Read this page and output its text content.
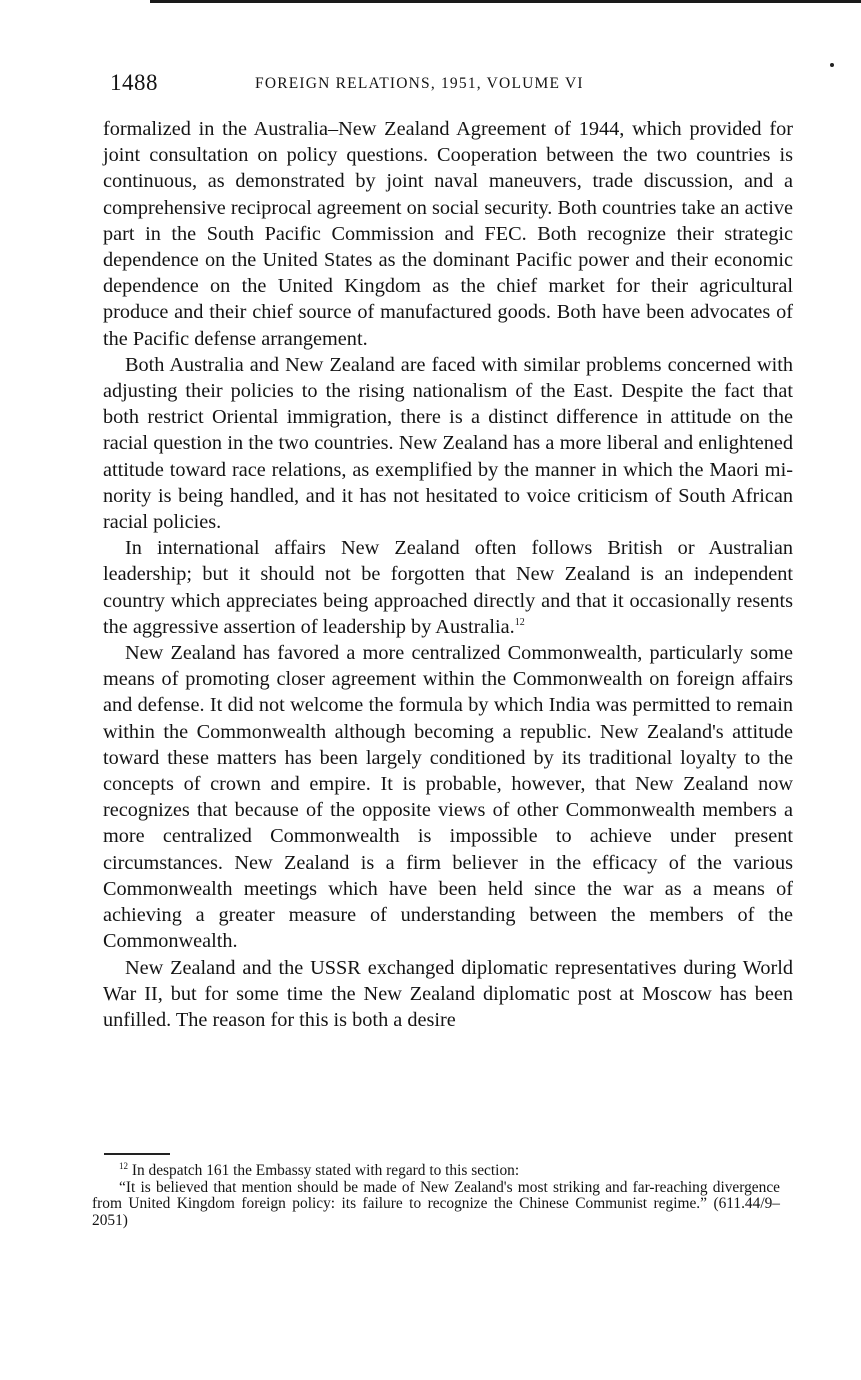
1488	FOREIGN RELATIONS, 1951, VOLUME VI

formalized in the Australia–New Zealand Agreement of 1944, which provided for joint consultation on policy questions. Cooperation between the two countries is continuous, as demonstrated by joint naval maneuvers, trade discussion, and a comprehensive reciprocal agreement on social security. Both countries take an active part in the South Pacific Commission and FEC. Both recognize their strategic dependence on the United States as the dominant Pacific power and their economic dependence on the United Kingdom as the chief market for their agricultural produce and their chief source of manufactured goods. Both have been advocates of the Pacific defense arrangement.

Both Australia and New Zealand are faced with similar problems concerned with adjusting their policies to the rising nationalism of the East. Despite the fact that both restrict Oriental immigration, there is a distinct difference in attitude on the racial question in the two countries. New Zealand has a more liberal and enlightened attitude toward race relations, as exemplified by the manner in which the Maori minority is being handled, and it has not hesitated to voice criticism of South African racial policies.

In international affairs New Zealand often follows British or Australian leadership; but it should not be forgotten that New Zealand is an independent country which appreciates being approached directly and that it occasionally resents the aggressive assertion of leadership by Australia.$^{12}$

New Zealand has favored a more centralized Commonwealth, particularly some means of promoting closer agreement within the Commonwealth on foreign affairs and defense. It did not welcome the formula by which India was permitted to remain within the Commonwealth although becoming a republic. New Zealand's attitude toward these matters has been largely conditioned by its traditional loyalty to the concepts of crown and empire. It is probable, however, that New Zealand now recognizes that because of the opposite views of other Commonwealth members a more centralized Commonwealth is impossible to achieve under present circumstances. New Zealand is a firm believer in the efficacy of the various Commonwealth meetings which have been held since the war as a means of achieving a greater measure of understanding between the members of the Commonwealth.

New Zealand and the USSR exchanged diplomatic representatives during World War II, but for some time the New Zealand diplomatic post at Moscow has been unfilled. The reason for this is both a desire

$^{12}$ In despatch 161 the Embassy stated with regard to this section:

“It is believed that mention should be made of New Zealand's most striking and far-reaching divergence from United Kingdom foreign policy: its failure to recognize the Chinese Communist regime.” (611.44/9–2051)
